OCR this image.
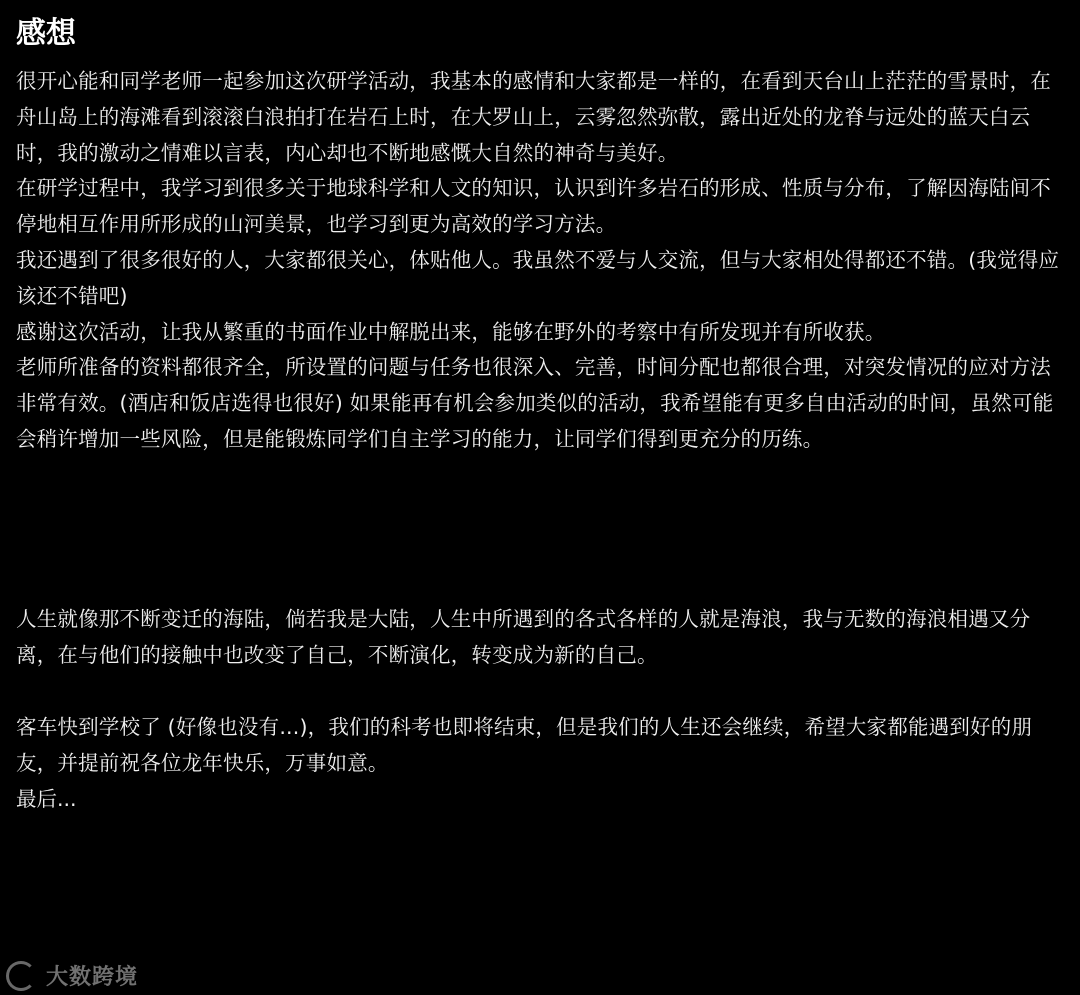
感想

很开心能和同学老师一起参加这次研学活动，我基本的感情和大家都是一样的，在看到天台山上茫茫的雪景时，在舟山岛上的海滩看到滚滚白浪拍打在岩石上时，在大罗山上，云雾忽然弥散，露出近处的龙脊与远处的蓝天白云时，我的激动之情难以言表，内心却也不断地感慨大自然的神奇与美好。

在研学过程中，我学习到很多关于地球科学和人文的知识，认识到许多岩石的形成、性质与分布，了解因海陆间不停地相互作用所形成的山河美景，也学习到更为高效的学习方法。

我还遇到了很多很好的人，大家都很关心，体贴他人。我虽然不爱与人交流，但与大家相处得都还不错。(我觉得应该还不错吧)

感谢这次活动，让我从繁重的书面作业中解脱出来，能够在野外的考察中有所发现并有所收获。

老师所准备的资料都很齐全，所设置的问题与任务也很深入、完善，时间分配也都很合理，对突发情况的应对方法非常有效。(酒店和饭店选得也很好) 如果能再有机会参加类似的活动，我希望能有更多自由活动的时间，虽然可能会稍许增加一些风险，但是能锻炼同学们自主学习的能力，让同学们得到更充分的历练。

人生就像那不断变迁的海陆，倘若我是大陆，人生中所遇到的各式各样的人就是海浪，我与无数的海浪相遇又分离，在与他们的接触中也改变了自己，不断演化，转变成为新的自己。

客车快到学校了 (好像也没有...)，我们的科考也即将结束，但是我们的人生还会继续，希望大家都能遇到好的朋友，并提前祝各位龙年快乐，万事如意。

最后...
大数跨境
